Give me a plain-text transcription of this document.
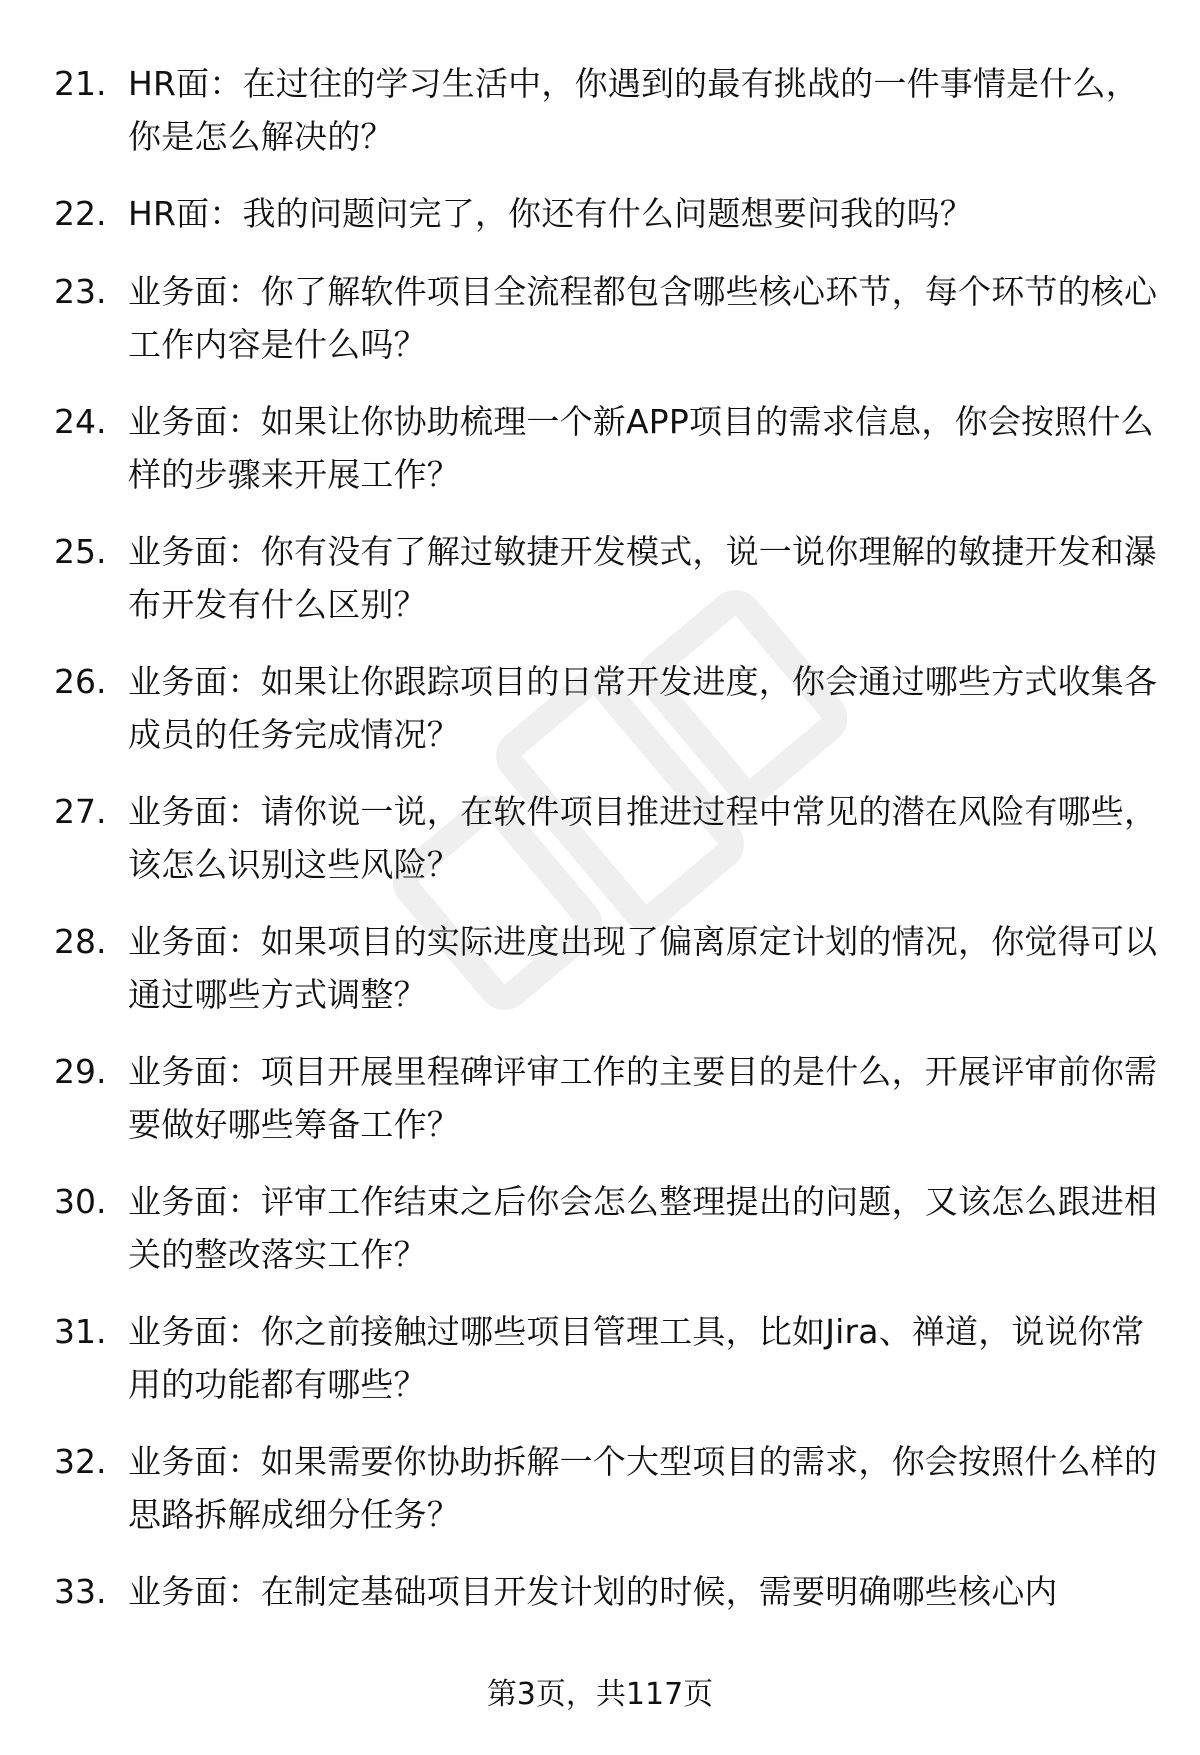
21. HR面：在过往的学习生活中，你遇到的最有挑战的一件事情是什么，你是怎么解决的？
22. HR面：我的问题问完了，你还有什么问题想要问我的吗？
23. 业务面：你了解软件项目全流程都包含哪些核心环节，每个环节的核心工作内容是什么吗？
24. 业务面：如果让你协助梳理一个新APP项目的需求信息，你会按照什么样的步骤来开展工作？
25. 业务面：你有没有了解过敏捷开发模式，说一说你理解的敏捷开发和瀑布开发有什么区别？
26. 业务面：如果让你跟踪项目的日常开发进度，你会通过哪些方式收集各成员的任务完成情况？
27. 业务面：请你说一说，在软件项目推进过程中常见的潜在风险有哪些，该怎么识别这些风险？
28. 业务面：如果项目的实际进度出现了偏离原定计划的情况，你觉得可以通过哪些方式调整？
29. 业务面：项目开展里程碑评审工作的主要目的是什么，开展评审前你需要做好哪些筹备工作？
30. 业务面：评审工作结束之后你会怎么整理提出的问题，又该怎么跟进相关的整改落实工作？
31. 业务面：你之前接触过哪些项目管理工具，比如Jira、禅道，说说你常用的功能都有哪些？
32. 业务面：如果需要你协助拆解一个大型项目的需求，你会按照什么样的思路拆解成细分任务？
33. 业务面：在制定基础项目开发计划的时候，需要明确哪些核心内
第3页，共117页
